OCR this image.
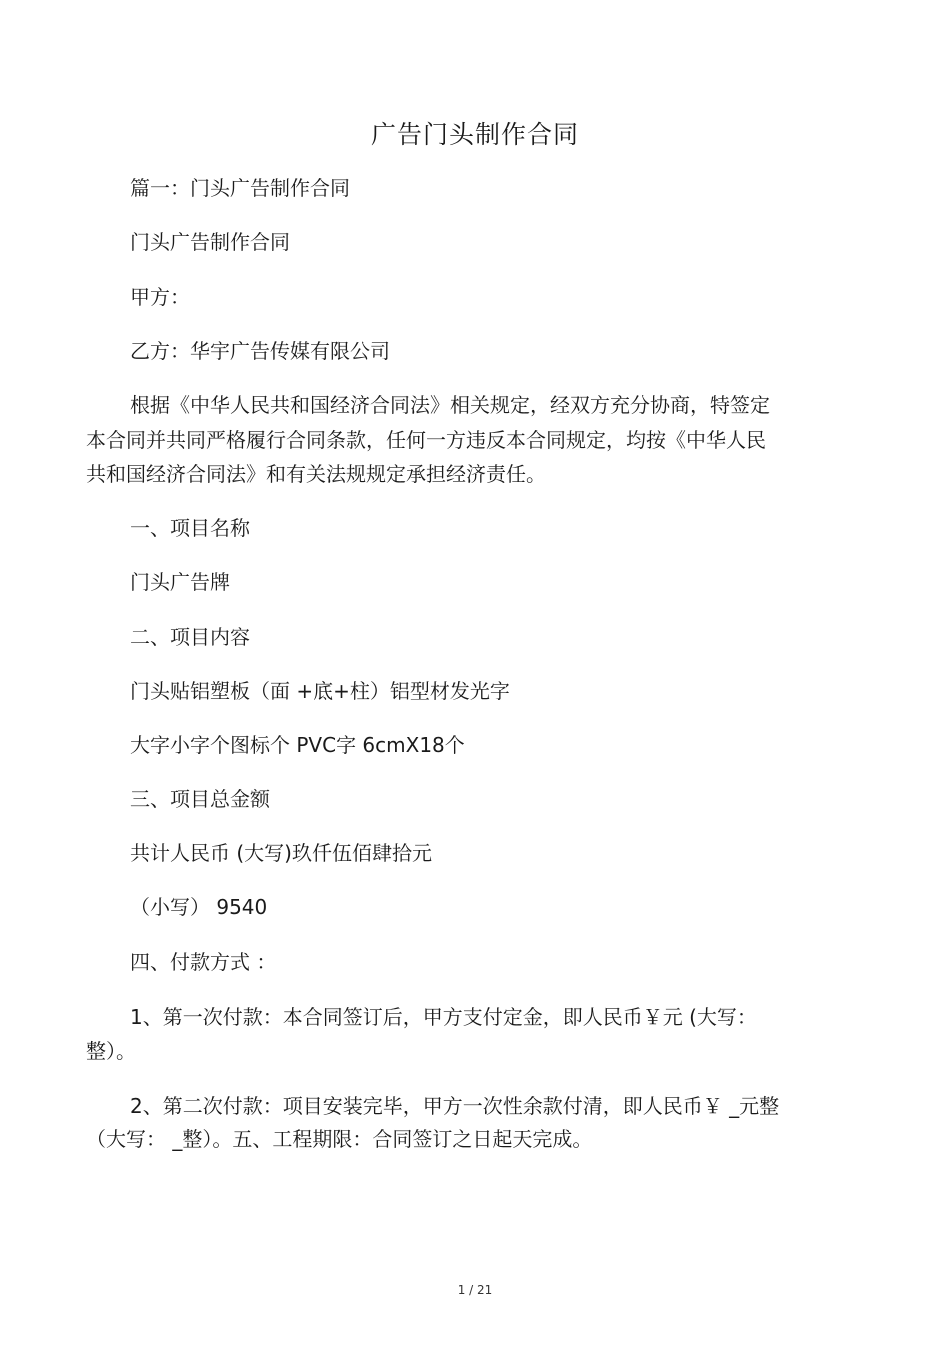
广告门头制作合同
篇一：门头广告制作合同
门头广告制作合同
甲方：
乙方：华宇广告传媒有限公司
根据《中华人民共和国经济合同法》相关规定，经双方充分协商，特签定
本合同并共同严格履行合同条款，任何一方违反本合同规定，均按《中华人民
共和国经济合同法》和有关法规规定承担经济责任。
一、项目名称
门头广告牌
二、项目内容
门头贴铝塑板（面 +底+柱）铝型材发光字
大字小字个图标个 PVC字 6cmX18个
三、项目总金额
共计人民币 (大写)玖仟伍佰肆拾元
（小写） 9540
四、付款方式 ：
1、第一次付款：本合同签订后，甲方支付定金，即人民币￥元 (大写：
整）。
2、第二次付款：项目安装完毕，甲方一次性余款付清，即人民币￥ _元整
（大写： _整）。五、工程期限：合同签订之日起天完成。
1 / 21
